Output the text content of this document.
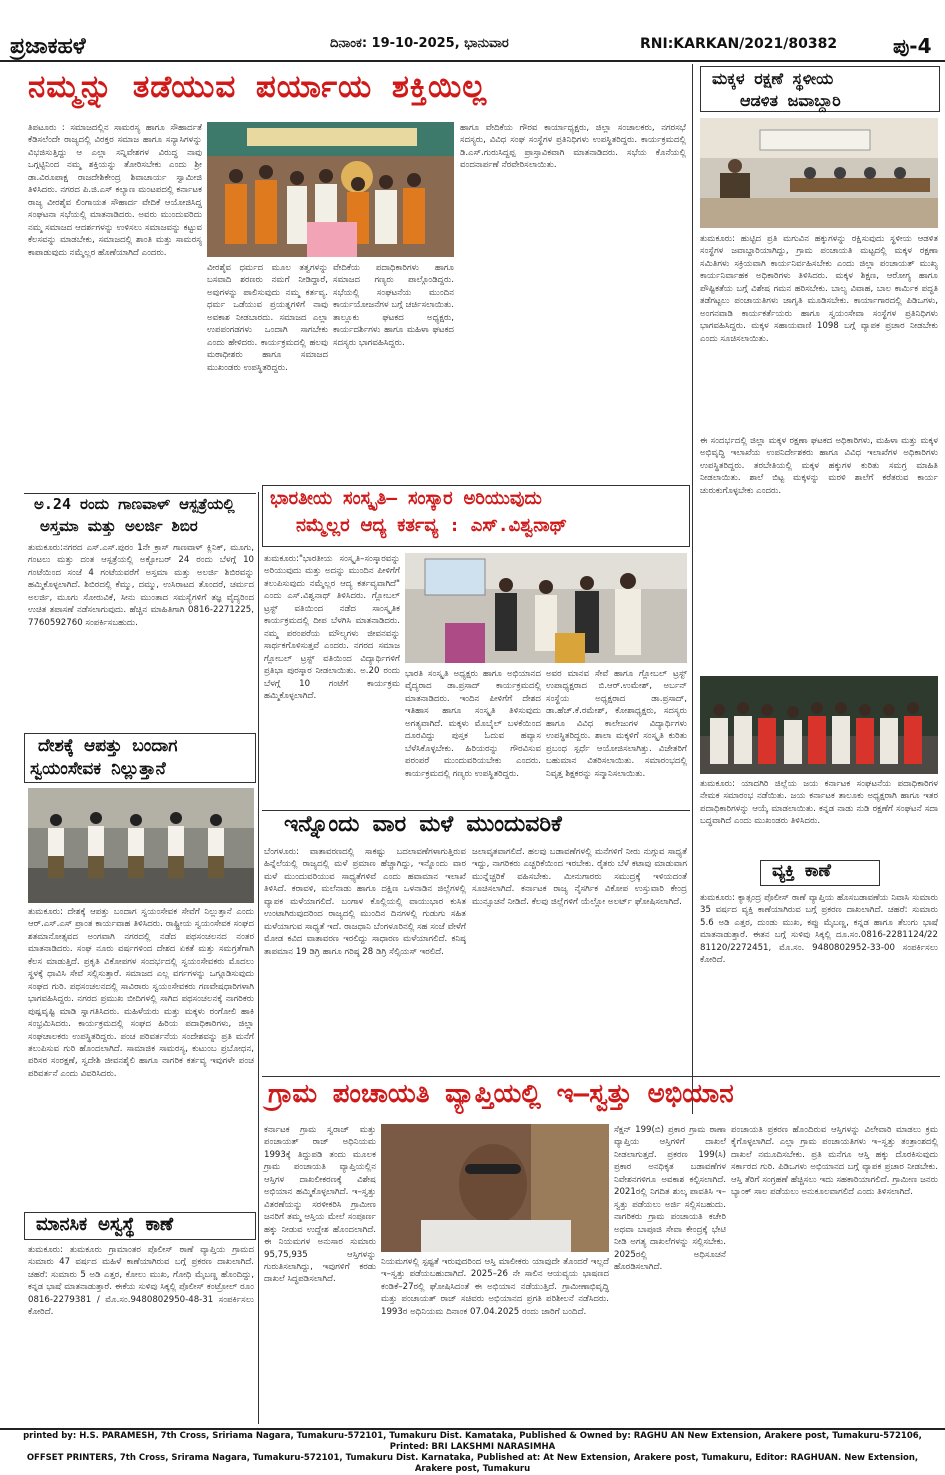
ಪ್ರಜಾಕಹಳೆ	ದಿನಾಂಕ: 19-10-2025, ಭಾನುವಾರ	RNI:KARKAN/2021/80382	ಪು-4
ನಮ್ಮನ್ನು ತಡೆಯುವ ಪರ್ಯಾಯ ಶಕ್ತಿಯಿಲ್ಲ
ತಿಪಟೂರು : ಸಮಾಜದಲ್ಲಿನ ಸಾಮರಸ್ಯ ಹಾಗೂ ಸೌಹಾರ್ದತೆ ಕೆಡಿಸಲೆಂದೇ ರಾಜ್ಯದಲ್ಲಿ ವಿರಕ್ತರ ಸಮಾಜ ಹಾಗೂ ಸನ್ಯಾಸಿಗಳನ್ನು ವಿಭಜಿಸುತ್ತಿದ್ದು ಆ ಎಲ್ಲಾ ಸನ್ನಿವೇಶಗಳ ವಿರುದ್ಧ ನಾವು ಒಗ್ಗಟ್ಟಿನಿಂದ ನಮ್ಮ ಶಕ್ತಿಯನ್ನು ತೋರಿಸಬೇಕು ಎಂದು ಶ್ರೀ ಡಾ.ವಿರೂಪಾಕ್ಷ ರಾಜದೇಶಿಕೇಂದ್ರ ಶಿವಾಚಾರ್ಯ ಸ್ವಾಮೀಜಿ ತಿಳಿಸಿದರು. ನಗರದ ಪಿ.ಜಿ.ಎಸ್ ಕಲ್ಯಾಣ ಮಂಟಪದಲ್ಲಿ ಕರ್ನಾಟಕ ರಾಜ್ಯ ವೀರಶೈವ ಲಿಂಗಾಯತ ಸೌಹಾರ್ದ ವೇದಿಕೆ ಆಯೋಜಿಸಿದ್ದ ಸಂಘಟನಾ ಸಭೆಯಲ್ಲಿ ಮಾತನಾಡಿದರು. ಅವರು ಮುಂದುವರಿದು ನಮ್ಮ ಸಮಾಜದ ಆದರ್ಶಗಳನ್ನು ಉಳಿಸಲು ಸಮಾಜವನ್ನು ಕಟ್ಟುವ ಕೆಲಸವನ್ನು ಮಾಡಬೇಕು, ಸಮಾಜದಲ್ಲಿ ಶಾಂತಿ ಮತ್ತು ಸಾಮರಸ್ಯ ಕಾಪಾಡುವುದು ನಮ್ಮೆಲ್ಲರ ಹೊಣೆಯಾಗಿದೆ ಎಂದರು.
ವೀರಶೈವ ಧರ್ಮದ ಮೂಲ ತತ್ವಗಳನ್ನು ಬಸವಾದಿ ಶರಣರು ನಮಗೆ ನೀಡಿದ್ದಾರೆ, ಅವುಗಳನ್ನು ಪಾಲಿಸುವುದು ನಮ್ಮ ಕರ್ತವ್ಯ. ಧರ್ಮ ಒಡೆಯುವ ಪ್ರಯತ್ನಗಳಿಗೆ ನಾವು ಅವಕಾಶ ನೀಡಬಾರದು. ಸಮಾಜದ ಎಲ್ಲಾ ಉಪಪಂಗಡಗಳು ಒಂದಾಗಿ ಸಾಗಬೇಕು ಎಂದು ಹೇಳಿದರು. ಕಾರ್ಯಕ್ರಮದಲ್ಲಿ ಹಲವು ಮಠಾಧೀಶರು ಹಾಗೂ ಸಮಾಜದ ಮುಖಂಡರು ಉಪಸ್ಥಿತರಿದ್ದರು.
ವೇದಿಕೆಯ ಪದಾಧಿಕಾರಿಗಳು ಹಾಗೂ ಸಮಾಜದ ಗಣ್ಯರು ಪಾಲ್ಗೊಂಡಿದ್ದರು. ಸಭೆಯಲ್ಲಿ ಸಂಘಟನೆಯ ಮುಂದಿನ ಕಾರ್ಯಯೋಜನೆಗಳ ಬಗ್ಗೆ ಚರ್ಚಿಸಲಾಯಿತು. ತಾಲ್ಲೂಕು ಘಟಕದ ಅಧ್ಯಕ್ಷರು, ಕಾರ್ಯದರ್ಶಿಗಳು ಹಾಗೂ ಮಹಿಳಾ ಘಟಕದ ಸದಸ್ಯರು ಭಾಗವಹಿಸಿದ್ದರು.
ಹಾಗೂ ವೇದಿಕೆಯ ಗೌರವ ಕಾರ್ಯಾಧ್ಯಕ್ಷರು, ಜಿಲ್ಲಾ ಸಂಚಾಲಕರು, ನಗರಸಭೆ ಸದಸ್ಯರು, ವಿವಿಧ ಸಂಘ ಸಂಸ್ಥೆಗಳ ಪ್ರತಿನಿಧಿಗಳು ಉಪಸ್ಥಿತರಿದ್ದರು. ಕಾರ್ಯಕ್ರಮದಲ್ಲಿ ಡಿ.ಎಸ್.ಗುರುಸಿದ್ದಪ್ಪ ಪ್ರಾಸ್ತಾವಿಕವಾಗಿ ಮಾತನಾಡಿದರು. ಸಭೆಯ ಕೊನೆಯಲ್ಲಿ ವಂದನಾರ್ಪಣೆ ನೆರವೇರಿಸಲಾಯಿತು.
ಮಕ್ಕಳ ರಕ್ಷಣೆ ಸ್ಥಳೀಯ
ಆಡಳಿತ ಜವಾಬ್ದಾರಿ
ತುಮಕೂರು: ಹುಟ್ಟಿದ ಪ್ರತಿ ಮಗುವಿನ ಹಕ್ಕುಗಳನ್ನು ರಕ್ಷಿಸುವುದು ಸ್ಥಳೀಯ ಆಡಳಿತ ಸಂಸ್ಥೆಗಳ ಜವಾಬ್ದಾರಿಯಾಗಿದ್ದು, ಗ್ರಾಮ ಪಂಚಾಯತಿ ಮಟ್ಟದಲ್ಲಿ ಮಕ್ಕಳ ರಕ್ಷಣಾ ಸಮಿತಿಗಳು ಸಕ್ರಿಯವಾಗಿ ಕಾರ್ಯನಿರ್ವಹಿಸಬೇಕು ಎಂದು ಜಿಲ್ಲಾ ಪಂಚಾಯತ್ ಮುಖ್ಯ ಕಾರ್ಯನಿರ್ವಾಹಕ ಅಧಿಕಾರಿಗಳು ತಿಳಿಸಿದರು. ಮಕ್ಕಳ ಶಿಕ್ಷಣ, ಆರೋಗ್ಯ ಹಾಗೂ ಪೌಷ್ಟಿಕತೆಯ ಬಗ್ಗೆ ವಿಶೇಷ ಗಮನ ಹರಿಸಬೇಕು. ಬಾಲ್ಯ ವಿವಾಹ, ಬಾಲ ಕಾರ್ಮಿಕ ಪದ್ಧತಿ ತಡೆಗಟ್ಟಲು ಪಂಚಾಯತಿಗಳು ಜಾಗೃತಿ ಮೂಡಿಸಬೇಕು. ಕಾರ್ಯಾಗಾರದಲ್ಲಿ ಪಿಡಿಒಗಳು, ಅಂಗನವಾಡಿ ಕಾರ್ಯಕರ್ತೆಯರು ಹಾಗೂ ಸ್ವಯಂಸೇವಾ ಸಂಸ್ಥೆಗಳ ಪ್ರತಿನಿಧಿಗಳು ಭಾಗವಹಿಸಿದ್ದರು. ಮಕ್ಕಳ ಸಹಾಯವಾಣಿ 1098 ಬಗ್ಗೆ ವ್ಯಾಪಕ ಪ್ರಚಾರ ನೀಡಬೇಕು ಎಂದು ಸೂಚಿಸಲಾಯಿತು.
ಈ ಸಂದರ್ಭದಲ್ಲಿ ಜಿಲ್ಲಾ ಮಕ್ಕಳ ರಕ್ಷಣಾ ಘಟಕದ ಅಧಿಕಾರಿಗಳು, ಮಹಿಳಾ ಮತ್ತು ಮಕ್ಕಳ ಅಭಿವೃದ್ಧಿ ಇಲಾಖೆಯ ಉಪನಿರ್ದೇಶಕರು ಹಾಗೂ ವಿವಿಧ ಇಲಾಖೆಗಳ ಅಧಿಕಾರಿಗಳು ಉಪಸ್ಥಿತರಿದ್ದರು. ತರಬೇತಿಯಲ್ಲಿ ಮಕ್ಕಳ ಹಕ್ಕುಗಳ ಕುರಿತು ಸಮಗ್ರ ಮಾಹಿತಿ ನೀಡಲಾಯಿತು. ಶಾಲೆ ಬಿಟ್ಟ ಮಕ್ಕಳನ್ನು ಮರಳಿ ಶಾಲೆಗೆ ಕರೆತರುವ ಕಾರ್ಯ ಚುರುಕುಗೊಳ್ಳಬೇಕು ಎಂದರು.
ತುಮಕೂರು: ಯಾದಗಿರಿ ಜಿಲ್ಲೆಯ ಜಯ ಕರ್ನಾಟಕ ಸಂಘಟನೆಯ ಪದಾಧಿಕಾರಿಗಳ ನೇಮಕ ಸಮಾರಂಭ ನಡೆಯಿತು. ಜಯ ಕರ್ನಾಟಕ ತಾಲೂಕು ಅಧ್ಯಕ್ಷರಾಗಿ ಹಾಗೂ ಇತರ ಪದಾಧಿಕಾರಿಗಳನ್ನು ಆಯ್ಕೆ ಮಾಡಲಾಯಿತು. ಕನ್ನಡ ನಾಡು ನುಡಿ ರಕ್ಷಣೆಗೆ ಸಂಘಟನೆ ಸದಾ ಬದ್ಧವಾಗಿದೆ ಎಂದು ಮುಖಂಡರು ತಿಳಿಸಿದರು.
ವ್ಯಕ್ತಿ ಕಾಣೆ
ತುಮಕೂರು: ಕ್ಯಾತ್ಸಂದ್ರ ಪೊಲೀಸ್ ಠಾಣೆ ವ್ಯಾಪ್ತಿಯ ಹೊಸಬಡಾವಣೆಯ ನಿವಾಸಿ ಸುಮಾರು 35 ವರ್ಷದ ವ್ಯಕ್ತಿ ಕಾಣೆಯಾಗಿರುವ ಬಗ್ಗೆ ಪ್ರಕರಣ ದಾಖಲಾಗಿದೆ. ಚಹರೆ: ಸುಮಾರು 5.6 ಅಡಿ ಎತ್ತರ, ದುಂಡು ಮುಖ, ಕಪ್ಪು ಮೈಬಣ್ಣ, ಕನ್ನಡ ಹಾಗೂ ತೆಲುಗು ಭಾಷೆ ಮಾತನಾಡುತ್ತಾರೆ. ಈತನ ಬಗ್ಗೆ ಸುಳಿವು ಸಿಕ್ಕಲ್ಲಿ ದೂ.ಸಂ.0816-2281124/22 81120/2272451, ಮೊ.ಸಂ. 9480802952-33-00 ಸಂಪರ್ಕಿಸಲು ಕೋರಿದೆ.
ಅ.24 ರಂದು ಗಾಣವಾಳ್ ಆಸ್ಪತ್ರೆಯಲ್ಲಿ
ಅಸ್ತಮಾ ಮತ್ತು ಅಲರ್ಜಿ ಶಿಬಿರ
ತುಮಕೂರು:ನಗರದ ಎಸ್.ಎಸ್.ಪುರಂ 1ನೇ ಕ್ರಾಸ್ ಗಾಣವಾಳ್ ಕ್ಲಿನಿಕ್, ಮೂಗು, ಗಂಟಲು ಮತ್ತು ದಂತ ಆಸ್ಪತ್ರೆಯಲ್ಲಿ ಅಕ್ಟೋಬರ್ 24 ರಂದು ಬೆಳಗ್ಗೆ 10 ಗಂಟೆಯಿಂದ ಸಂಜೆ 4 ಗಂಟೆಯವರೆಗೆ ಅಸ್ತಮಾ ಮತ್ತು ಅಲರ್ಜಿ ಶಿಬಿರವನ್ನು ಹಮ್ಮಿಕೊಳ್ಳಲಾಗಿದೆ. ಶಿಬಿರದಲ್ಲಿ ಕೆಮ್ಮು, ದಮ್ಮು, ಉಸಿರಾಟದ ತೊಂದರೆ, ಚರ್ಮದ ಅಲರ್ಜಿ, ಮೂಗು ಸೋರುವಿಕೆ, ಸೀನು ಮುಂತಾದ ಸಮಸ್ಯೆಗಳಿಗೆ ತಜ್ಞ ವೈದ್ಯರಿಂದ ಉಚಿತ ತಪಾಸಣೆ ನಡೆಸಲಾಗುವುದು. ಹೆಚ್ಚಿನ ಮಾಹಿತಿಗಾಗಿ 0816-2271225, 7760592760 ಸಂಪರ್ಕಿಸಬಹುದು.
ದೇಶಕ್ಕೆ ಆಪತ್ತು ಬಂದಾಗ
ಸ್ವಯಂಸೇವಕ ನಿಲ್ಲುತ್ತಾನೆ
ತುಮಕೂರು: ದೇಶಕ್ಕೆ ಆಪತ್ತು ಬಂದಾಗ ಸ್ವಯಂಸೇವಕ ಸೇವೆಗೆ ನಿಲ್ಲುತ್ತಾನೆ ಎಂದು ಆರ್.ಎಸ್.ಎಸ್ ಪ್ರಾಂತ ಕಾರ್ಯವಾಹ ತಿಳಿಸಿದರು. ರಾಷ್ಟ್ರೀಯ ಸ್ವಯಂಸೇವಕ ಸಂಘದ ಶತಮಾನೋತ್ಸವದ ಅಂಗವಾಗಿ ನಗರದಲ್ಲಿ ನಡೆದ ಪಥಸಂಚಲನದ ನಂತರ ಮಾತನಾಡಿದರು. ಸಂಘ ನೂರು ವರ್ಷಗಳಿಂದ ದೇಶದ ಏಕತೆ ಮತ್ತು ಸಮಗ್ರತೆಗಾಗಿ ಕೆಲಸ ಮಾಡುತ್ತಿದೆ. ಪ್ರಕೃತಿ ವಿಕೋಪಗಳ ಸಂದರ್ಭದಲ್ಲಿ ಸ್ವಯಂಸೇವಕರು ಮೊದಲು ಸ್ಥಳಕ್ಕೆ ಧಾವಿಸಿ ಸೇವೆ ಸಲ್ಲಿಸುತ್ತಾರೆ. ಸಮಾಜದ ಎಲ್ಲ ವರ್ಗಗಳನ್ನು ಒಗ್ಗೂಡಿಸುವುದು ಸಂಘದ ಗುರಿ. ಪಥಸಂಚಲನದಲ್ಲಿ ಸಾವಿರಾರು ಸ್ವಯಂಸೇವಕರು ಗಣವೇಷಧಾರಿಗಳಾಗಿ ಭಾಗವಹಿಸಿದ್ದರು. ನಗರದ ಪ್ರಮುಖ ಬೀದಿಗಳಲ್ಲಿ ಸಾಗಿದ ಪಥಸಂಚಲನಕ್ಕೆ ನಾಗರಿಕರು ಪುಷ್ಪವೃಷ್ಟಿ ಮಾಡಿ ಸ್ವಾಗತಿಸಿದರು. ಮಹಿಳೆಯರು ಮತ್ತು ಮಕ್ಕಳು ರಂಗೋಲಿ ಹಾಕಿ ಸಂಭ್ರಮಿಸಿದರು. ಕಾರ್ಯಕ್ರಮದಲ್ಲಿ ಸಂಘದ ಹಿರಿಯ ಪದಾಧಿಕಾರಿಗಳು, ಜಿಲ್ಲಾ ಸಂಘಚಾಲಕರು ಉಪಸ್ಥಿತರಿದ್ದರು. ಪಂಚ ಪರಿವರ್ತನೆಯ ಸಂದೇಶವನ್ನು ಪ್ರತಿ ಮನೆಗೆ ತಲುಪಿಸುವ ಗುರಿ ಹೊಂದಲಾಗಿದೆ. ಸಾಮಾಜಿಕ ಸಾಮರಸ್ಯ, ಕುಟುಂಬ ಪ್ರಬೋಧನ, ಪರಿಸರ ಸಂರಕ್ಷಣೆ, ಸ್ವದೇಶಿ ಜೀವನಶೈಲಿ ಹಾಗೂ ನಾಗರಿಕ ಕರ್ತವ್ಯ ಇವುಗಳೇ ಪಂಚ ಪರಿವರ್ತನೆ ಎಂದು ವಿವರಿಸಿದರು.
ಮಾನಸಿಕ ಅಸ್ವಸ್ಥೆ ಕಾಣೆ
ತುಮಕೂರು: ತುಮಕೂರು ಗ್ರಾಮಾಂತರ ಪೊಲೀಸ್ ಠಾಣೆ ವ್ಯಾಪ್ತಿಯ ಗ್ರಾಮದ ಸುಮಾರು 47 ವರ್ಷದ ಮಹಿಳೆ ಕಾಣೆಯಾಗಿರುವ ಬಗ್ಗೆ ಪ್ರಕರಣ ದಾಖಲಾಗಿದೆ. ಚಹರೆ: ಸುಮಾರು 5 ಅಡಿ ಎತ್ತರ, ಕೋಲು ಮುಖ, ಗೋಧಿ ಮೈಬಣ್ಣ ಹೊಂದಿದ್ದು, ಕನ್ನಡ ಭಾಷೆ ಮಾತನಾಡುತ್ತಾರೆ. ಈಕೆಯ ಸುಳಿವು ಸಿಕ್ಕಲ್ಲಿ ಪೊಲೀಸ್ ಕಂಟ್ರೋಲ್ ರೂಂ 0816-2279381 / ಮೊ.ಸಂ.9480802950-48-31 ಸಂಪರ್ಕಿಸಲು ಕೋರಿದೆ.
ಭಾರತೀಯ ಸಂಸ್ಕೃತಿ– ಸಂಸ್ಕಾರ ಅರಿಯುವುದು
ನಮ್ಮೆಲ್ಲರ ಆದ್ಯ ಕರ್ತವ್ಯ : ಎಸ್.ವಿಶ್ವನಾಥ್
ತುಮಕೂರು:"ಭಾರತೀಯ ಸಂಸ್ಕೃತಿ–ಸಂಸ್ಕಾರವನ್ನು ಅರಿಯುವುದು ಮತ್ತು ಅದನ್ನು ಮುಂದಿನ ಪೀಳಿಗೆಗೆ ತಲುಪಿಸುವುದು ನಮ್ಮೆಲ್ಲರ ಆದ್ಯ ಕರ್ತವ್ಯವಾಗಿದೆ" ಎಂದು ಎಸ್.ವಿಶ್ವನಾಥ್ ತಿಳಿಸಿದರು. ಗ್ಲೋಬಲ್ ಟ್ರಸ್ಟ್ ವತಿಯಿಂದ ನಡೆದ ಸಾಂಸ್ಕೃತಿಕ ಕಾರ್ಯಕ್ರಮದಲ್ಲಿ ದೀಪ ಬೆಳಗಿಸಿ ಮಾತನಾಡಿದರು. ನಮ್ಮ ಪರಂಪರೆಯ ಮೌಲ್ಯಗಳು ಜೀವನವನ್ನು ಸಾರ್ಥಕಗೊಳಿಸುತ್ತವೆ ಎಂದರು. ನಗರದ ಸಮಾಜ ಗ್ಲೋಬಲ್ ಟ್ರಸ್ಟ್ ವತಿಯಿಂದ ವಿದ್ಯಾರ್ಥಿಗಳಿಗೆ ಪ್ರತಿಭಾ ಪುರಸ್ಕಾರ ನೀಡಲಾಯಿತು. ಅ.20 ರಂದು ಬೆಳಗ್ಗೆ 10 ಗಂಟೆಗೆ ಕಾರ್ಯಕ್ರಮ ಹಮ್ಮಿಕೊಳ್ಳಲಾಗಿದೆ.
ಭಾರತಿ ಸಂಸ್ಕೃತಿ ಅಧ್ಯಕ್ಷರು ಹಾಗೂ ಅಭಿಯಾನದ ವೈದ್ಯರಾದ ಡಾ.ಪ್ರಸಾದ್ ಕಾರ್ಯಕ್ರಮದಲ್ಲಿ ಮಾತನಾಡಿದರು. ಇಂದಿನ ಪೀಳಿಗೆಗೆ ದೇಶದ ಇತಿಹಾಸ ಹಾಗೂ ಸಂಸ್ಕೃತಿ ತಿಳಿಸುವುದು ಅಗತ್ಯವಾಗಿದೆ. ಮಕ್ಕಳು ಮೊಬೈಲ್ ಬಳಕೆಯಿಂದ ದೂರವಿದ್ದು ಪುಸ್ತಕ ಓದುವ ಹವ್ಯಾಸ ಬೆಳೆಸಿಕೊಳ್ಳಬೇಕು. ಹಿರಿಯರನ್ನು ಗೌರವಿಸುವ ಪರಂಪರೆ ಮುಂದುವರಿಯಬೇಕು ಎಂದರು. ಕಾರ್ಯಕ್ರಮದಲ್ಲಿ ಗಣ್ಯರು ಉಪಸ್ಥಿತರಿದ್ದರು.
ಅವರ ಮಾನವ ಸೇವೆ ಹಾಗೂ ಗ್ಲೋಬಲ್ ಟ್ರಸ್ಟ್ ಉಪಾಧ್ಯಕ್ಷರಾದ ಬಿ.ಆರ್.ಉಮೇಶ್, ಅರ್ಬನ್ ಸಂಸ್ಥೆಯ ಅಧ್ಯಕ್ಷರಾದ ಡಾ.ಪ್ರಸಾದ್, ಡಾ.ಹೆಚ್.ಕೆ.ರಮೇಶ್, ಕೋಶಾಧ್ಯಕ್ಷರು, ಸದಸ್ಯರು ಹಾಗೂ ವಿವಿಧ ಕಾಲೇಜುಗಳ ವಿದ್ಯಾರ್ಥಿಗಳು ಉಪಸ್ಥಿತರಿದ್ದರು. ಶಾಲಾ ಮಕ್ಕಳಿಗೆ ಸಂಸ್ಕೃತಿ ಕುರಿತು ಪ್ರಬಂಧ ಸ್ಪರ್ಧೆ ಆಯೋಜಿಸಲಾಗಿತ್ತು. ವಿಜೇತರಿಗೆ ಬಹುಮಾನ ವಿತರಿಸಲಾಯಿತು. ಸಮಾರಂಭದಲ್ಲಿ ನಿವೃತ್ತ ಶಿಕ್ಷಕರನ್ನು ಸನ್ಮಾನಿಸಲಾಯಿತು.
ಇನ್ನೊಂದು ವಾರ ಮಳೆ ಮುಂದುವರಿಕೆ
ಬೆಂಗಳೂರು: ವಾತಾವರಣದಲ್ಲಿ ಸಾಕಷ್ಟು ಬದಲಾವಣೆಗಳಾಗುತ್ತಿರುವ ಹಿನ್ನೆಲೆಯಲ್ಲಿ ರಾಜ್ಯದಲ್ಲಿ ಮಳೆ ಪ್ರಮಾಣ ಹೆಚ್ಚಾಗಿದ್ದು, ಇನ್ನೊಂದು ವಾರ ಮಳೆ ಮುಂದುವರಿಯುವ ಸಾಧ್ಯತೆಗಳಿವೆ ಎಂದು ಹವಾಮಾನ ಇಲಾಖೆ ತಿಳಿಸಿದೆ. ಕರಾವಳಿ, ಮಲೆನಾಡು ಹಾಗೂ ದಕ್ಷಿಣ ಒಳನಾಡಿನ ಜಿಲ್ಲೆಗಳಲ್ಲಿ ವ್ಯಾಪಕ ಮಳೆಯಾಗಲಿದೆ. ಬಂಗಾಳ ಕೊಲ್ಲಿಯಲ್ಲಿ ವಾಯುಭಾರ ಕುಸಿತ ಉಂಟಾಗಿರುವುದರಿಂದ ರಾಜ್ಯದಲ್ಲಿ ಮುಂದಿನ ದಿನಗಳಲ್ಲಿ ಗುಡುಗು ಸಹಿತ ಮಳೆಯಾಗುವ ಸಾಧ್ಯತೆ ಇದೆ. ರಾಜಧಾನಿ ಬೆಂಗಳೂರಿನಲ್ಲಿ ಸಹ ಸಂಜೆ ವೇಳೆಗೆ ಮೋಡ ಕವಿದ ವಾತಾವರಣ ಇರಲಿದ್ದು ಸಾಧಾರಣ ಮಳೆಯಾಗಲಿದೆ. ಕನಿಷ್ಠ ತಾಪಮಾನ 19 ಡಿಗ್ರಿ ಹಾಗೂ ಗರಿಷ್ಠ 28 ಡಿಗ್ರಿ ಸೆಲ್ಸಿಯಸ್ ಇರಲಿದೆ.
ಜಲಾವೃತವಾಗಲಿದೆ. ಹಲವು ಬಡಾವಣೆಗಳಲ್ಲಿ ಮನೆಗಳಿಗೆ ನೀರು ನುಗ್ಗುವ ಸಾಧ್ಯತೆ ಇದ್ದು, ನಾಗರಿಕರು ಎಚ್ಚರಿಕೆಯಿಂದ ಇರಬೇಕು. ರೈತರು ಬೆಳೆ ಕಟಾವು ಮಾಡುವಾಗ ಮುನ್ನೆಚ್ಚರಿಕೆ ವಹಿಸಬೇಕು. ಮೀನುಗಾರರು ಸಮುದ್ರಕ್ಕೆ ಇಳಿಯದಂತೆ ಸೂಚಿಸಲಾಗಿದೆ. ಕರ್ನಾಟಕ ರಾಜ್ಯ ನೈಸರ್ಗಿಕ ವಿಕೋಪ ಉಸ್ತುವಾರಿ ಕೇಂದ್ರ ಮುನ್ಸೂಚನೆ ನೀಡಿದೆ. ಕೆಲವು ಜಿಲ್ಲೆಗಳಿಗೆ ಯೆಲ್ಲೋ ಅಲರ್ಟ್ ಘೋಷಿಸಲಾಗಿದೆ.
ಗ್ರಾಮ ಪಂಚಾಯತಿ ವ್ಯಾಪ್ತಿಯಲ್ಲಿ ಇ–ಸ್ವತ್ತು ಅಭಿಯಾನ
ಕರ್ನಾಟಕ ಗ್ರಾಮ ಸ್ವರಾಜ್ ಮತ್ತು ಪಂಚಾಯತ್ ರಾಜ್ ಅಧಿನಿಯಮ 1993ಕ್ಕೆ ತಿದ್ದುಪಡಿ ತಂದು ಮೂಲಕ ಗ್ರಾಮ ಪಂಚಾಯತಿ ವ್ಯಾಪ್ತಿಯಲ್ಲಿನ ಆಸ್ತಿಗಳ ದಾಖಲೀಕರಣಕ್ಕೆ ವಿಶೇಷ ಅಭಿಯಾನ ಹಮ್ಮಿಕೊಳ್ಳಲಾಗಿದೆ. ಇ–ಸ್ವತ್ತು ವಿತರಣೆಯನ್ನು ಸರಳೀಕರಿಸಿ ಗ್ರಾಮೀಣ ಜನರಿಗೆ ತಮ್ಮ ಆಸ್ತಿಯ ಮೇಲೆ ಸಂಪೂರ್ಣ ಹಕ್ಕು ನೀಡುವ ಉದ್ದೇಶ ಹೊಂದಲಾಗಿದೆ. ಈ ನಿಯಮಗಳ ಅನುಸಾರ ಸುಮಾರು 95,75,935 ಆಸ್ತಿಗಳನ್ನು ಗುರುತಿಸಲಾಗಿದ್ದು, ಇವುಗಳಿಗೆ ಕರಡು ದಾಖಲೆ ಸಿದ್ಧಪಡಿಸಲಾಗಿದೆ.
ನಿಯಮಗಳಲ್ಲಿ ಸ್ಪಷ್ಟತೆ ಇರುವುದರಿಂದ ಆಸ್ತಿ ಮಾಲೀಕರು ಯಾವುದೇ ತೊಂದರೆ ಇಲ್ಲದೆ ಇ–ಸ್ವತ್ತು ಪಡೆಯಬಹುದಾಗಿದೆ. 2025–26 ನೇ ಸಾಲಿನ ಆಯವ್ಯಯ ಭಾಷಣದ ಕಂಡಿಕೆ–27ರಲ್ಲಿ ಘೋಷಿಸಿದಂತೆ ಈ ಅಭಿಯಾನ ನಡೆಯುತ್ತಿದೆ. ಗ್ರಾಮೀಣಾಭಿವೃದ್ಧಿ ಮತ್ತು ಪಂಚಾಯತ್ ರಾಜ್ ಸಚಿವರು ಅಭಿಯಾನದ ಪ್ರಗತಿ ಪರಿಶೀಲನೆ ನಡೆಸಿದರು. 1993ರ ಅಧಿನಿಯಮ ದಿನಾಂಕ 07.04.2025 ರಂದು ಜಾರಿಗೆ ಬಂದಿದೆ.
ಸೆಕ್ಷನ್ 199(ಬಿ) ಪ್ರಕಾರ ಗ್ರಾಮ ಠಾಣಾ ವ್ಯಾಪ್ತಿಯ ಆಸ್ತಿಗಳಿಗೆ ದಾಖಲೆ ನೀಡಲಾಗುತ್ತದೆ. ಪ್ರಕರಣ 199(ಸಿ) ಪ್ರಕಾರ ಅನಧಿಕೃತ ಬಡಾವಣೆಗಳ ನಿವೇಶನಗಳಿಗೂ ಅವಕಾಶ ಕಲ್ಪಿಸಲಾಗಿದೆ. 2021ರಲ್ಲಿ ನಿಗದಿತ ಶುಲ್ಕ ಪಾವತಿಸಿ ಇ–ಸ್ವತ್ತು ಪಡೆಯಲು ಅರ್ಜಿ ಸಲ್ಲಿಸಬಹುದು. ನಾಗರಿಕರು ಗ್ರಾಮ ಪಂಚಾಯತಿ ಕಚೇರಿ ಅಥವಾ ಬಾಪೂಜಿ ಸೇವಾ ಕೇಂದ್ರಕ್ಕೆ ಭೇಟಿ ನೀಡಿ ಅಗತ್ಯ ದಾಖಲೆಗಳನ್ನು ಸಲ್ಲಿಸಬೇಕು. 2025ರಲ್ಲಿ ಅಧಿಸೂಚನೆ ಹೊರಡಿಸಲಾಗಿದೆ.
ಪಂಚಾಯತಿ ಪ್ರಕರಣ ಹೊಂದಿರುವ ಆಸ್ತಿಗಳನ್ನು ವಿಲೇವಾರಿ ಮಾಡಲು ಕ್ರಮ ಕೈಗೊಳ್ಳಲಾಗಿದೆ. ಎಲ್ಲಾ ಗ್ರಾಮ ಪಂಚಾಯತಿಗಳು ಇ–ಸ್ವತ್ತು ತಂತ್ರಾಂಶದಲ್ಲಿ ದಾಖಲೆ ನಮೂದಿಸಬೇಕು. ಪ್ರತಿ ಮನೆಗೂ ಆಸ್ತಿ ಹಕ್ಕು ದೊರಕಿಸುವುದು ಸರ್ಕಾರದ ಗುರಿ. ಪಿಡಿಒಗಳು ಅಭಿಯಾನದ ಬಗ್ಗೆ ವ್ಯಾಪಕ ಪ್ರಚಾರ ನೀಡಬೇಕು. ಆಸ್ತಿ ತೆರಿಗೆ ಸಂಗ್ರಹಣೆ ಹೆಚ್ಚಿಸಲು ಇದು ಸಹಕಾರಿಯಾಗಲಿದೆ. ಗ್ರಾಮೀಣ ಜನರು ಬ್ಯಾಂಕ್ ಸಾಲ ಪಡೆಯಲು ಅನುಕೂಲವಾಗಲಿದೆ ಎಂದು ತಿಳಿಸಲಾಗಿದೆ.
printed by: H.S. PARAMESH, 7th Cross, Sririama Nagara, Tumakuru-572101, Tumakuru Dist. Kamataka, Published & Owned by: RAGHU AN New Extension, Arakere post, Tumakuru-572106, Printed: BRI LAKSHMI NARASIMHA
OFFSET PRINTERS, 7th Cross, Srirama Nagara, Tumakuru-572101, Tumakuru Dist. Karnataka, Published at: At New Extension, Arakere post, Tumakuru, Editor: RAGHUAN. New Extension, Arakere post, Tumakuru
